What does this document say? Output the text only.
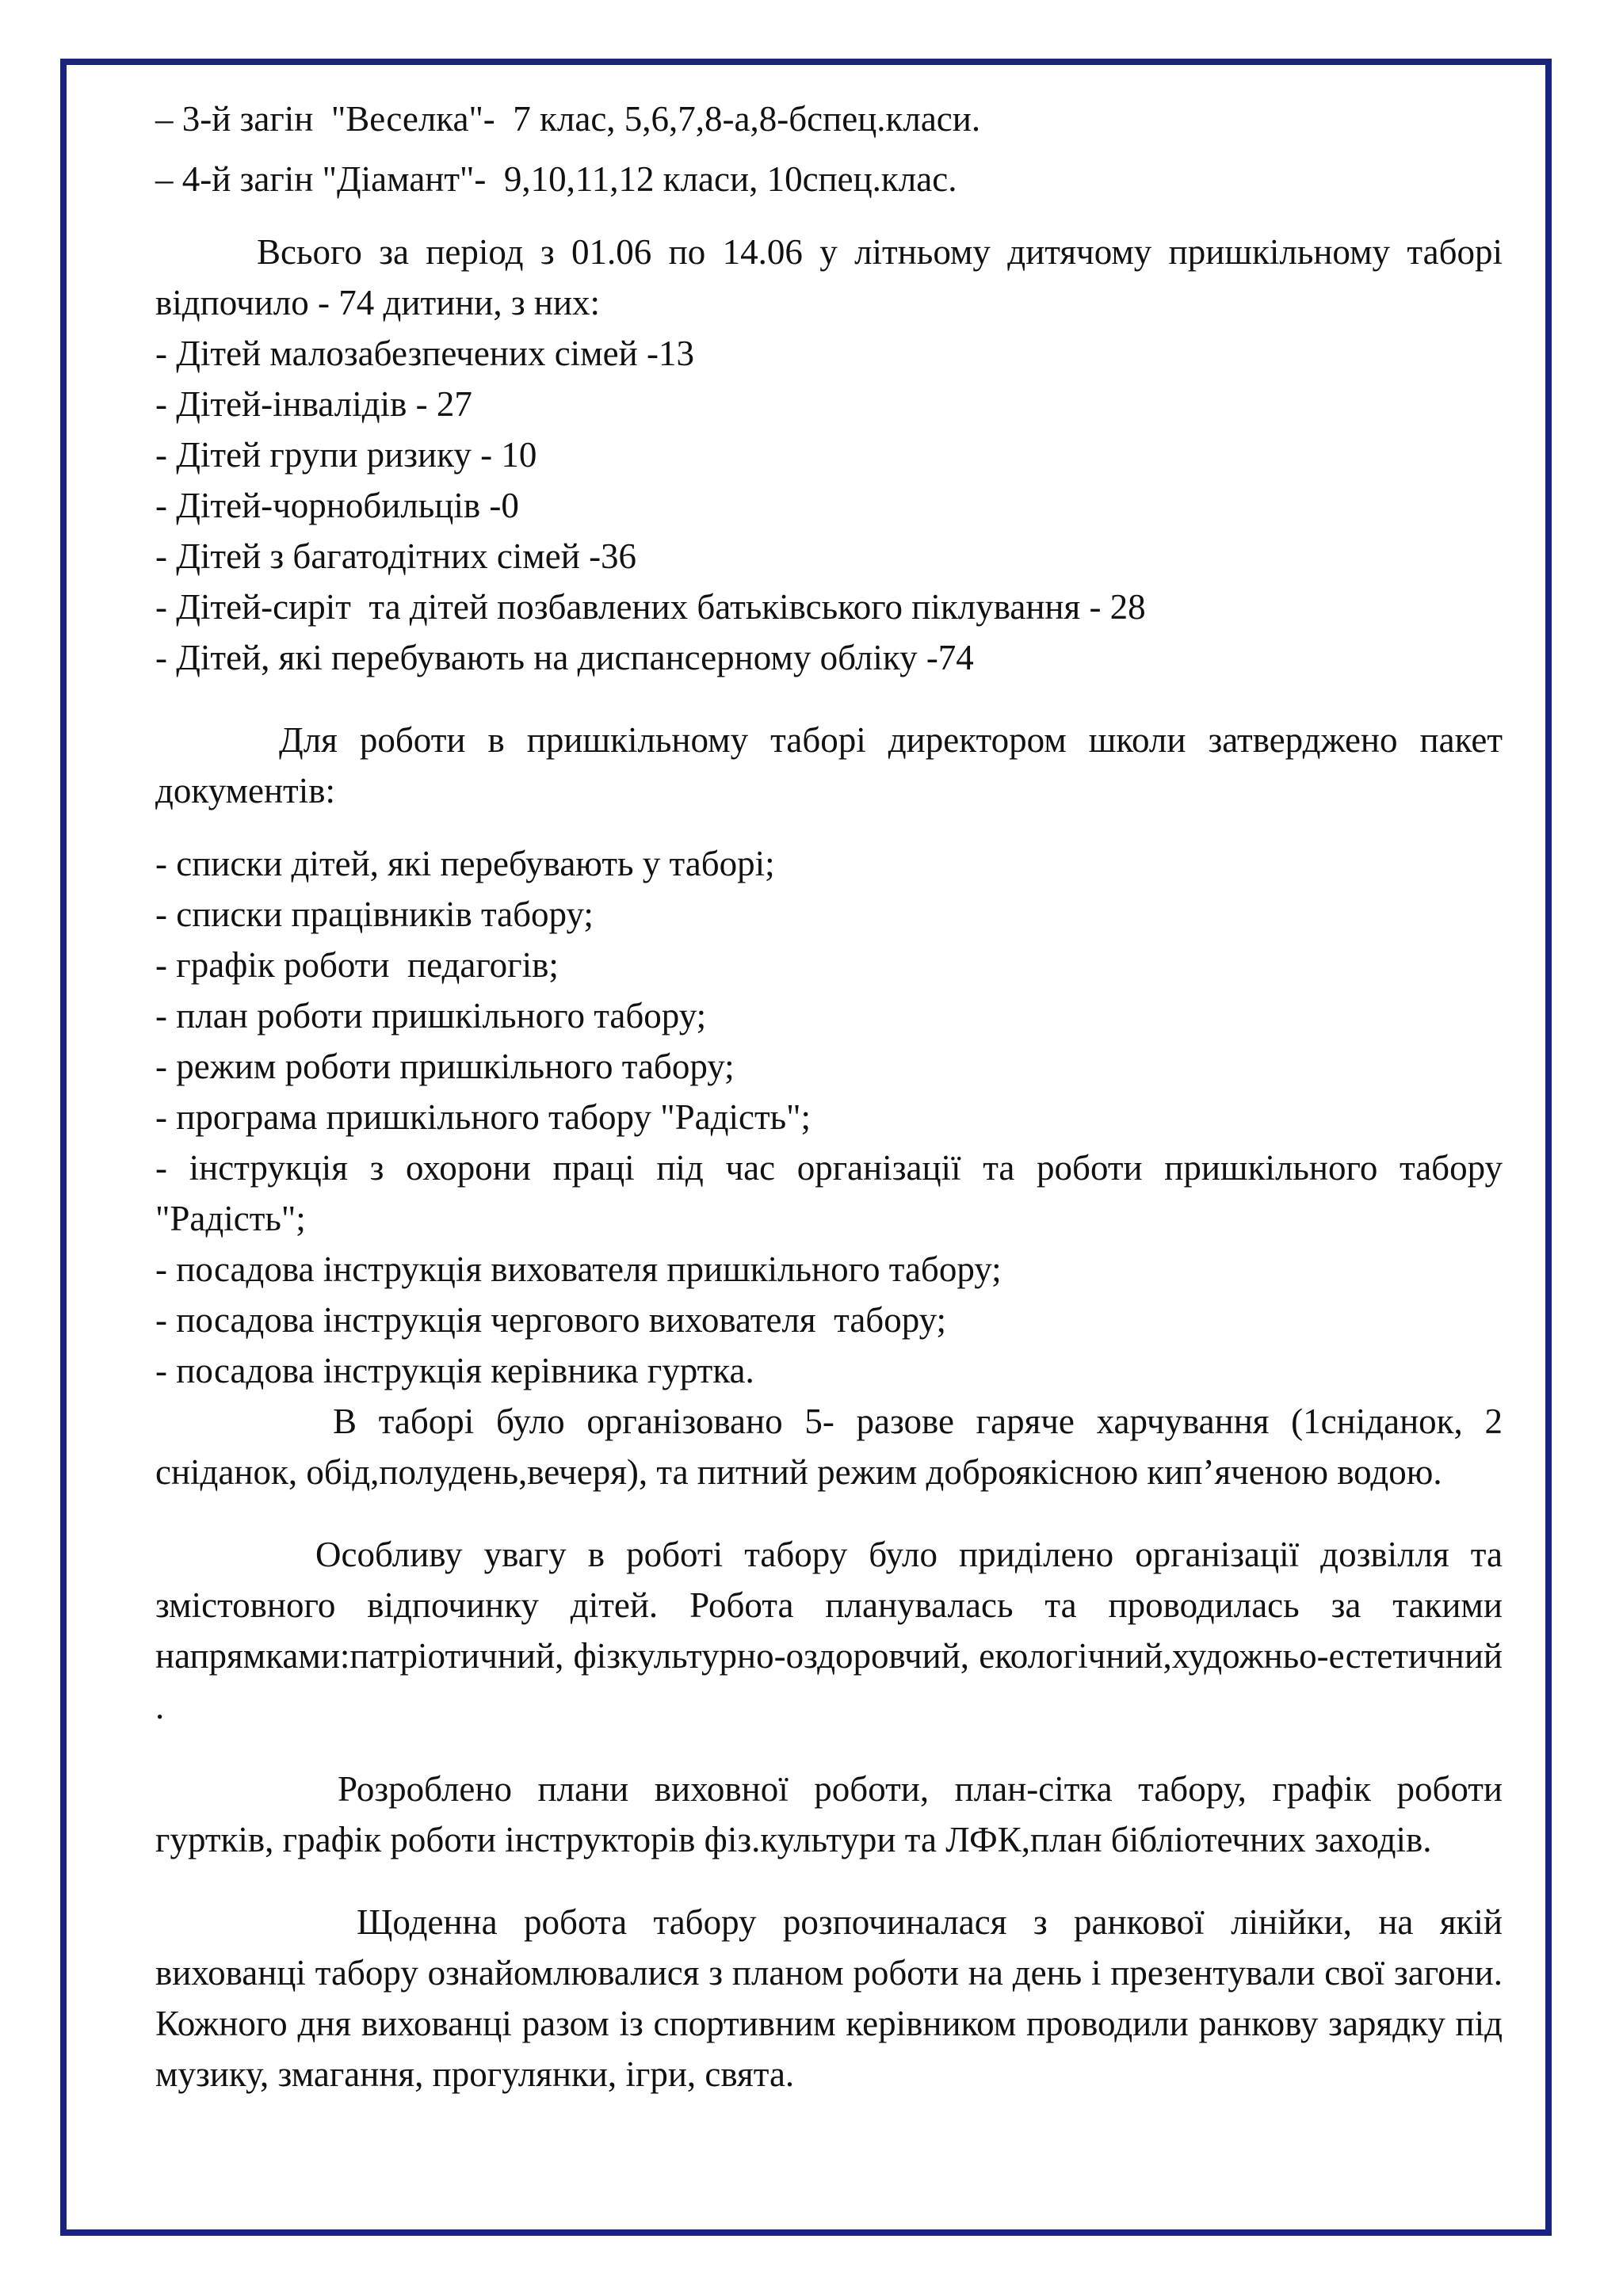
– 3-й загін  "Веселка"-  7 клас, 5,6,7,8-а,8-бспец.класи.
– 4-й загін "Діамант"-  9,10,11,12 класи, 10спец.клас.
Всього за період з 01.06 по 14.06 у літньому дитячому пришкільному таборі відпочило - 74 дитини, з них:
- Дітей малозабезпечених сімей -13
- Дітей-інвалідів - 27
- Дітей групи ризику - 10
- Дітей-чорнобильців -0
- Дітей з багатодітних сімей -36
- Дітей-сиріт  та дітей позбавлених батьківського піклування - 28
- Дітей, які перебувають на диспансерному обліку -74
Для роботи в пришкільному таборі директором школи затверджено пакет документів:
- списки дітей, які перебувають у таборі;
- списки працівників табору;
- графік роботи  педагогів;
- план роботи пришкільного табору;
- режим роботи пришкільного табору;
- програма пришкільного табору "Радість";
- інструкція з охорони праці під час організації та роботи пришкільного табору "Радість";
- посадова інструкція вихователя пришкільного табору;
- посадова інструкція чергового вихователя  табору;
- посадова інструкція керівника гуртка.
В таборі було організовано 5- разове гаряче харчування (1сніданок, 2 сніданок, обід,полудень,вечеря), та питний режим доброякісною кип’яченою водою.
Особливу увагу в роботі табору було приділено організації дозвілля та змістовного відпочинку дітей. Робота планувалась та проводилась за такими напрямками:патріотичний, фізкультурно-оздоровчий, екологічний,художньо-естетичний .
Розроблено плани виховної роботи, план-сітка табору, графік роботи гуртків, графік роботи інструкторів фіз.культури та ЛФК,план бібліотечних заходів.
Щоденна робота табору розпочиналася з ранкової лінійки, на якій вихованці табору ознайомлювалися з планом роботи на день і презентували свої загони. Кожного дня вихованці разом із спортивним керівником проводили ранкову зарядку під музику, змагання, прогулянки, ігри, свята.
